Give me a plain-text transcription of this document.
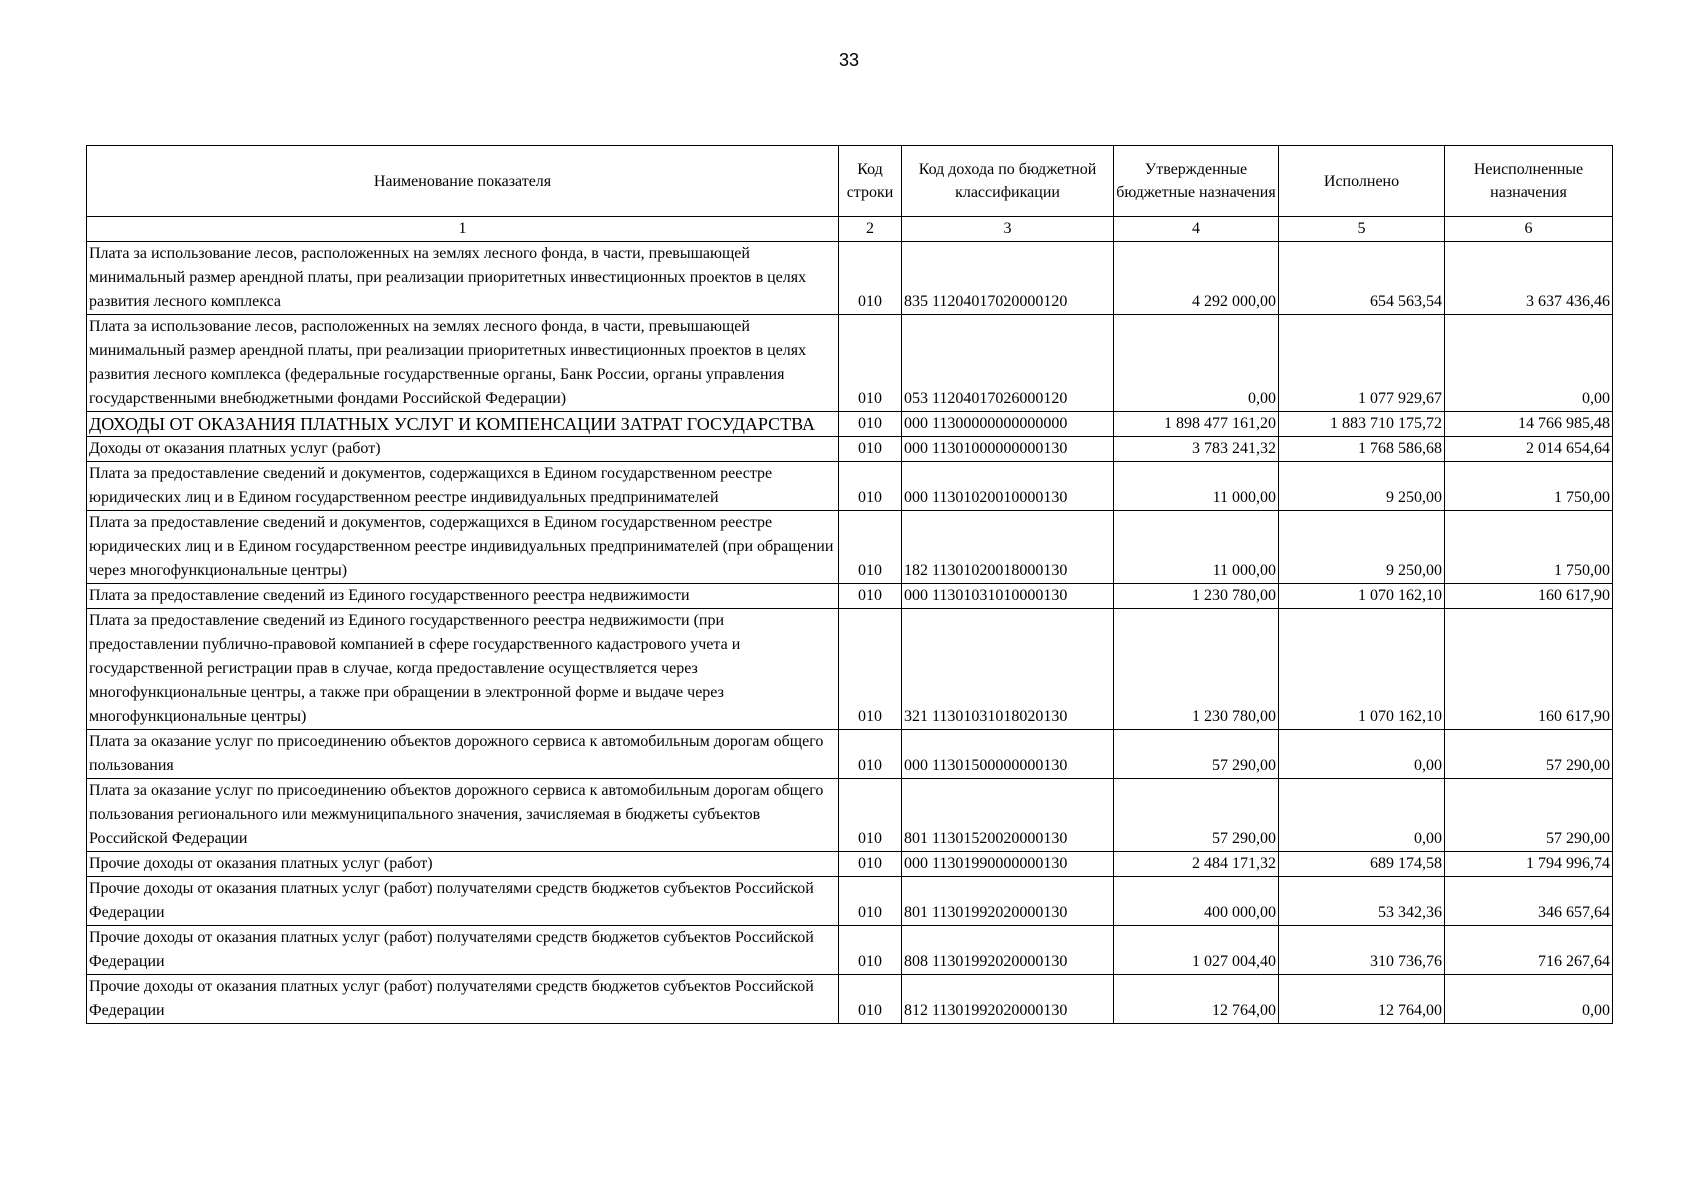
33
Наименование показателя	Код строки	Код дохода по бюджетной классификации	Утвержденные бюджетные назначения	Исполнено	Неисполненные назначения
1	2	3	4	5	6
Плата за использование лесов, расположенных на землях лесного фонда, в части, превышающей минимальный размер арендной платы, при реализации приоритетных инвестиционных проектов в целях развития лесного комплекса	010	835 11204017020000120	4 292 000,00	654 563,54	3 637 436,46
Плата за использование лесов, расположенных на землях лесного фонда, в части, превышающей минимальный размер арендной платы, при реализации приоритетных инвестиционных проектов в целях развития лесного комплекса (федеральные государственные органы, Банк России, органы управления государственными внебюджетными фондами Российской Федерации)	010	053 11204017026000120	0,00	1 077 929,67	0,00
ДОХОДЫ ОТ ОКАЗАНИЯ ПЛАТНЫХ УСЛУГ И КОМПЕНСАЦИИ ЗАТРАТ ГОСУДАРСТВА	010	000 11300000000000000	1 898 477 161,20	1 883 710 175,72	14 766 985,48
Доходы от оказания платных услуг (работ)	010	000 11301000000000130	3 783 241,32	1 768 586,68	2 014 654,64
Плата за предоставление сведений и документов, содержащихся в Едином государственном реестре юридических лиц и в Едином государственном реестре индивидуальных предпринимателей	010	000 11301020010000130	11 000,00	9 250,00	1 750,00
Плата за предоставление сведений и документов, содержащихся в Едином государственном реестре юридических лиц и в Едином государственном реестре индивидуальных предпринимателей (при обращении через многофункциональные центры)	010	182 11301020018000130	11 000,00	9 250,00	1 750,00
Плата за предоставление сведений из Единого государственного реестра недвижимости	010	000 11301031010000130	1 230 780,00	1 070 162,10	160 617,90
Плата за предоставление сведений из Единого государственного реестра недвижимости (при предоставлении публично-правовой компанией в сфере государственного кадастрового учета и государственной регистрации прав в случае, когда предоставление осуществляется через многофункциональные центры, а также при обращении в электронной форме и выдаче через многофункциональные центры)	010	321 11301031018020130	1 230 780,00	1 070 162,10	160 617,90
Плата за оказание услуг по присоединению объектов дорожного сервиса к автомобильным дорогам общего пользования	010	000 11301500000000130	57 290,00	0,00	57 290,00
Плата за оказание услуг по присоединению объектов дорожного сервиса к автомобильным дорогам общего пользования регионального или межмуниципального значения, зачисляемая в бюджеты субъектов Российской Федерации	010	801 11301520020000130	57 290,00	0,00	57 290,00
Прочие доходы от оказания платных услуг (работ)	010	000 11301990000000130	2 484 171,32	689 174,58	1 794 996,74
Прочие доходы от оказания платных услуг (работ) получателями средств бюджетов субъектов Российской Федерации	010	801 11301992020000130	400 000,00	53 342,36	346 657,64
Прочие доходы от оказания платных услуг (работ) получателями средств бюджетов субъектов Российской Федерации	010	808 11301992020000130	1 027 004,40	310 736,76	716 267,64
Прочие доходы от оказания платных услуг (работ) получателями средств бюджетов субъектов Российской Федерации	010	812 11301992020000130	12 764,00	12 764,00	0,00
